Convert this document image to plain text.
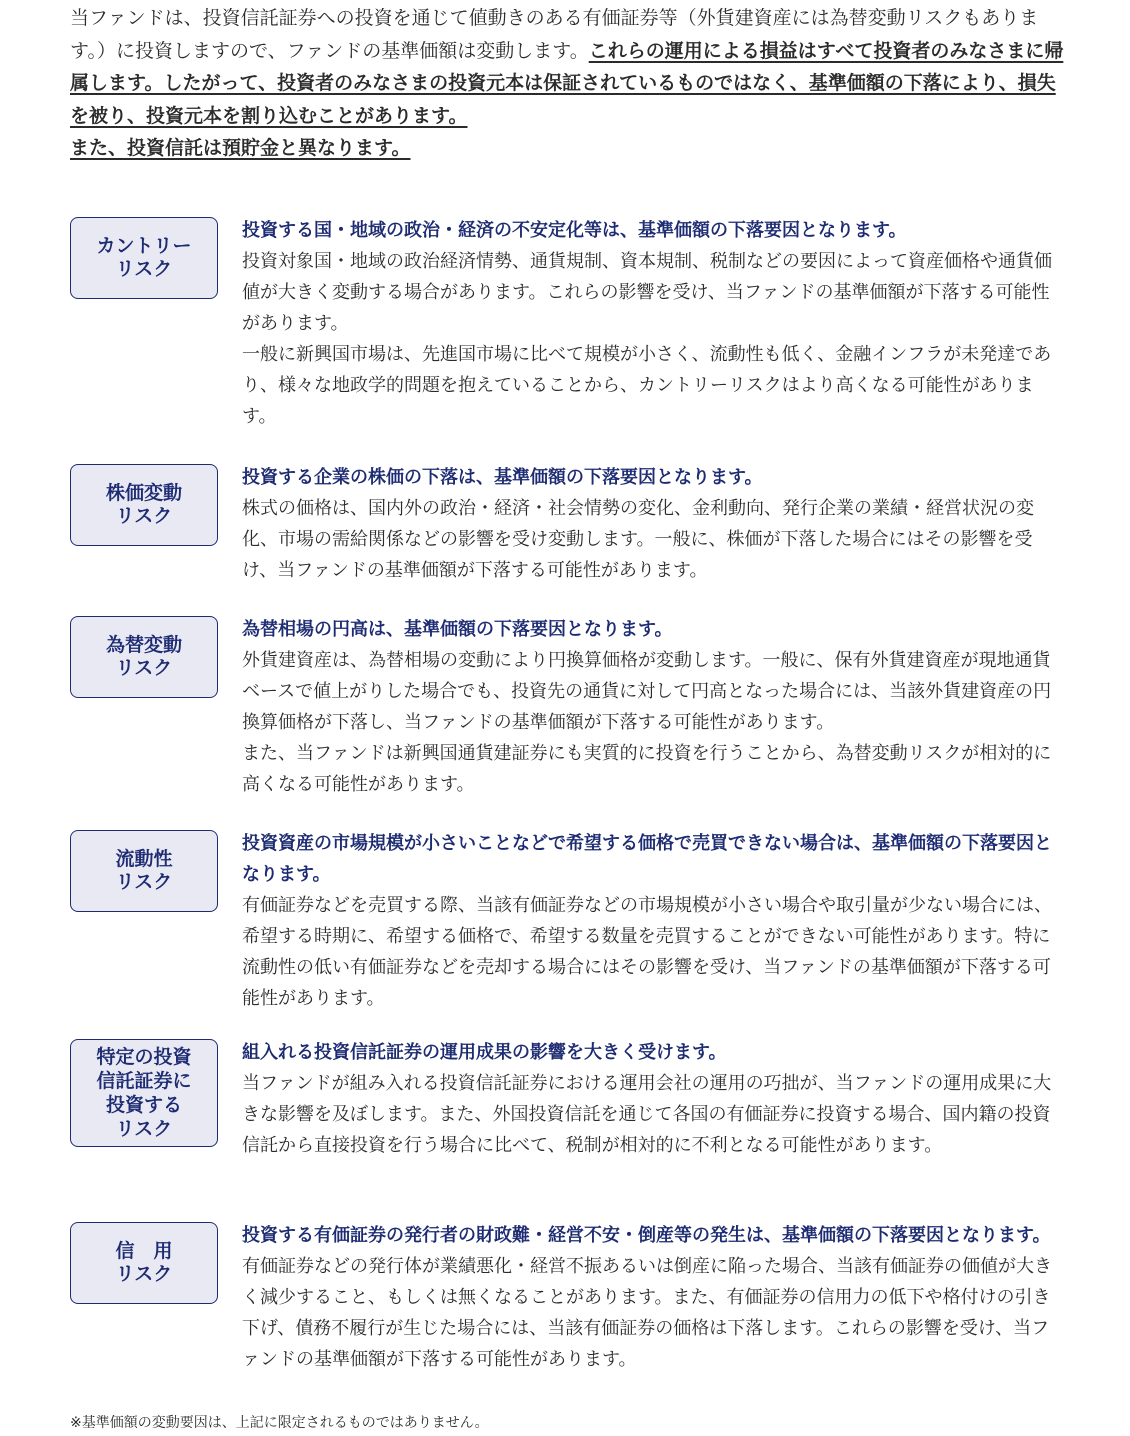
当ファンドは、投資信託証券への投資を通じて値動きのある有価証券等（外貨建資産には為替変動リスクもあります。）に投資しますので、ファンドの基準価額は変動します。これらの運用による損益はすべて投資者のみなさまに帰属します。したがって、投資者のみなさまの投資元本は保証されているものではなく、基準価額の下落により、損失を被り、投資元本を割り込むことがあります。
また、投資信託は預貯金と異なります。

カントリー
リスク

投資する国・地域の政治・経済の不安定化等は、基準価額の下落要因となります。

投資対象国・地域の政治経済情勢、通貨規制、資本規制、税制などの要因によって資産価格や通貨価値が大きく変動する場合があります。これらの影響を受け、当ファンドの基準価額が下落する可能性があります。

一般に新興国市場は、先進国市場に比べて規模が小さく、流動性も低く、金融インフラが未発達であり、様々な地政学的問題を抱えていることから、カントリーリスクはより高くなる可能性があります。

株価変動
リスク

投資する企業の株価の下落は、基準価額の下落要因となります。

株式の価格は、国内外の政治・経済・社会情勢の変化、金利動向、発行企業の業績・経営状況の変化、市場の需給関係などの影響を受け変動します。一般に、株価が下落した場合にはその影響を受け、当ファンドの基準価額が下落する可能性があります。

為替変動
リスク

為替相場の円高は、基準価額の下落要因となります。

外貨建資産は、為替相場の変動により円換算価格が変動します。一般に、保有外貨建資産が現地通貨ベースで値上がりした場合でも、投資先の通貨に対して円高となった場合には、当該外貨建資産の円換算価格が下落し、当ファンドの基準価額が下落する可能性があります。

また、当ファンドは新興国通貨建証券にも実質的に投資を行うことから、為替変動リスクが相対的に高くなる可能性があります。

流動性
リスク

投資資産の市場規模が小さいことなどで希望する価格で売買できない場合は、基準価額の下落要因となります。

有価証券などを売買する際、当該有価証券などの市場規模が小さい場合や取引量が少ない場合には、希望する時期に、希望する価格で、希望する数量を売買することができない可能性があります。特に流動性の低い有価証券などを売却する場合にはその影響を受け、当ファンドの基準価額が下落する可能性があります。

特定の投資
信託証券に
投資する
リスク

組入れる投資信託証券の運用成果の影響を大きく受けます。

当ファンドが組み入れる投資信託証券における運用会社の運用の巧拙が、当ファンドの運用成果に大きな影響を及ぼします。また、外国投資信託を通じて各国の有価証券に投資する場合、国内籍の投資信託から直接投資を行う場合に比べて、税制が相対的に不利となる可能性があります。

信　用
リスク

投資する有価証券の発行者の財政難・経営不安・倒産等の発生は、基準価額の下落要因となります。

有価証券などの発行体が業績悪化・経営不振あるいは倒産に陥った場合、当該有価証券の価値が大きく減少すること、もしくは無くなることがあります。また、有価証券の信用力の低下や格付けの引き下げ、債務不履行が生じた場合には、当該有価証券の価格は下落します。これらの影響を受け、当ファンドの基準価額が下落する可能性があります。

※基準価額の変動要因は、上記に限定されるものではありません。
